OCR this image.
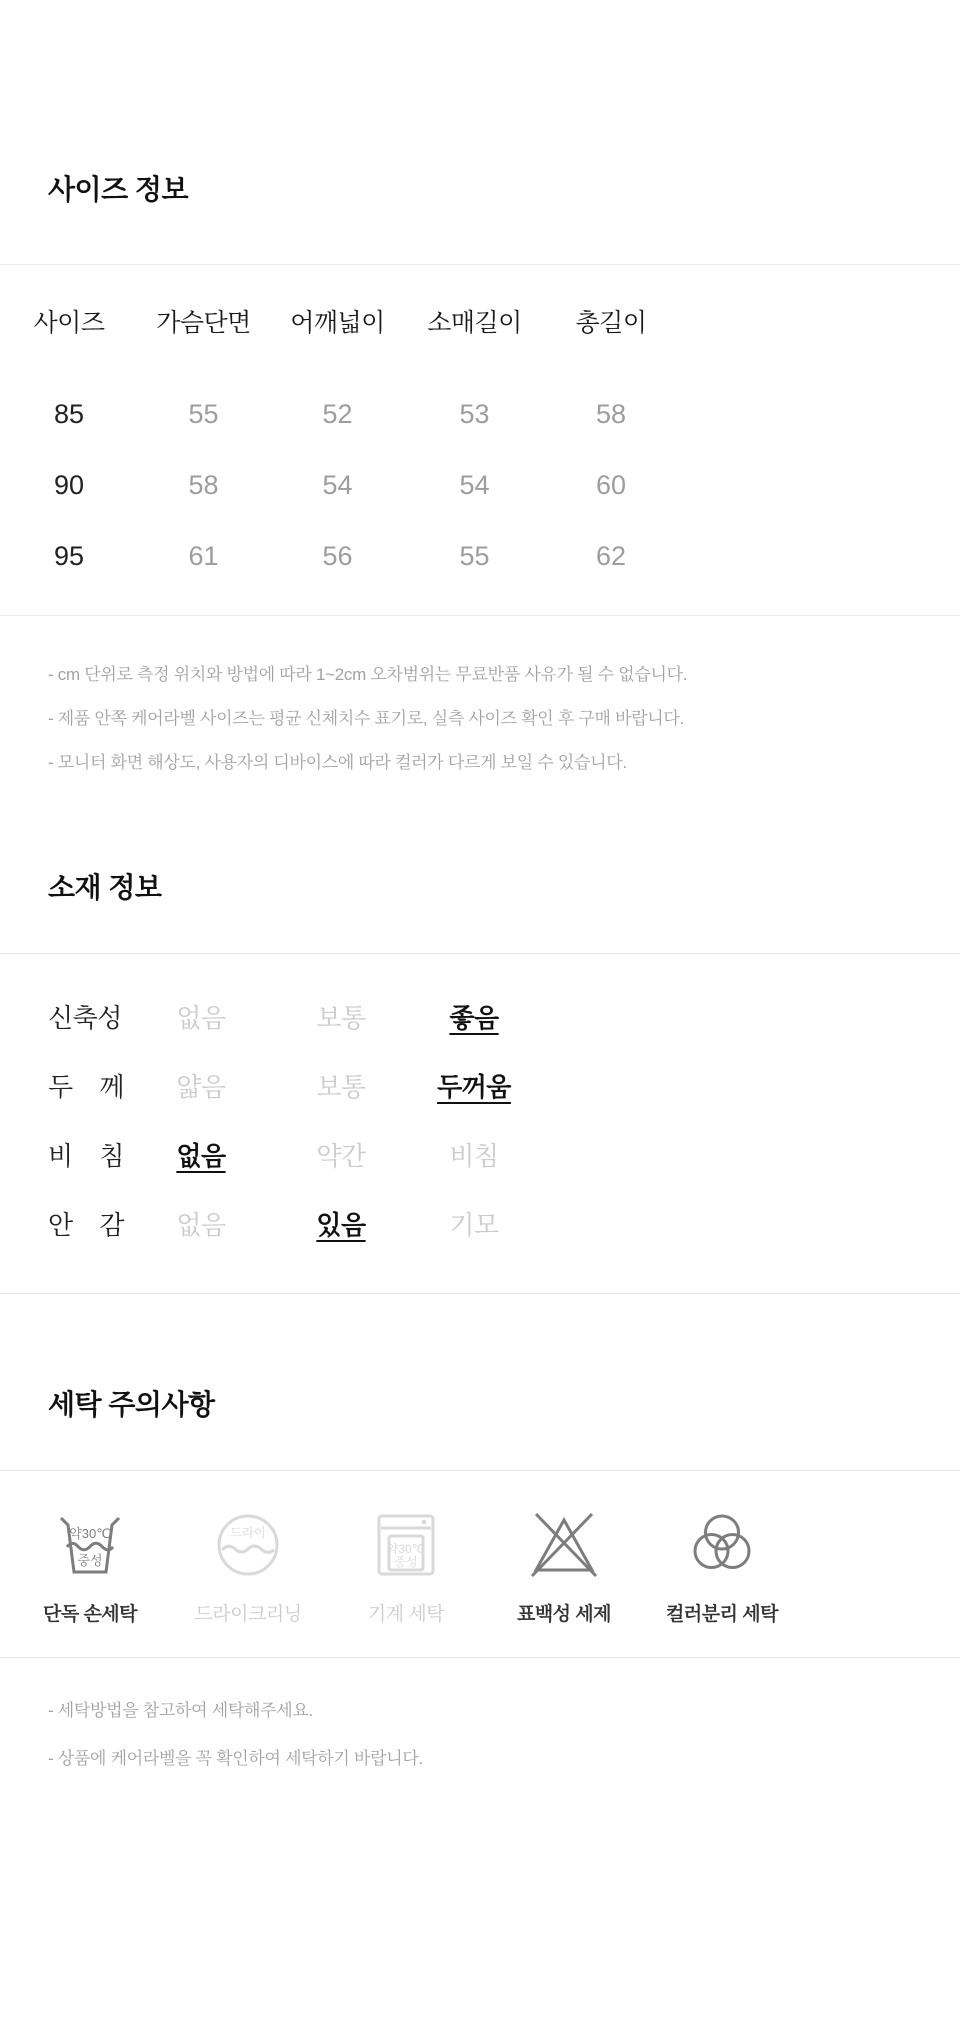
사이즈 정보
사이즈	가슴단면	어깨넓이	소매길이	총길이
85	55	52	53	58
90	58	54	54	60
95	61	56	55	62

- cm 단위로 측정 위치와 방법에 따라 1~2cm 오차범위는 무료반품 사유가 될 수 없습니다.

- 제품 안쪽 케어라벨 사이즈는 평균 신체치수 표기로, 실측 사이즈 확인 후 구매 바랍니다.

- 모니터 화면 해상도, 사용자의 디바이스에 따라 컬러가 다르게 보일 수 있습니다.

소재 정보
신축성	없음	보통	좋음
두 께	얇음	보통	두꺼움
비 침	없음	약간	비침
안 감	없음	있음	기모
세탁 주의사항
약30℃
중성
단독 손세탁
드라이
드라이크리닝
약30℃
중성
기계 세탁	표백성 세제	컬러분리 세탁

- 세탁방법을 참고하여 세탁해주세요.

- 상품에 케어라벨을 꼭 확인하여 세탁하기 바랍니다.
